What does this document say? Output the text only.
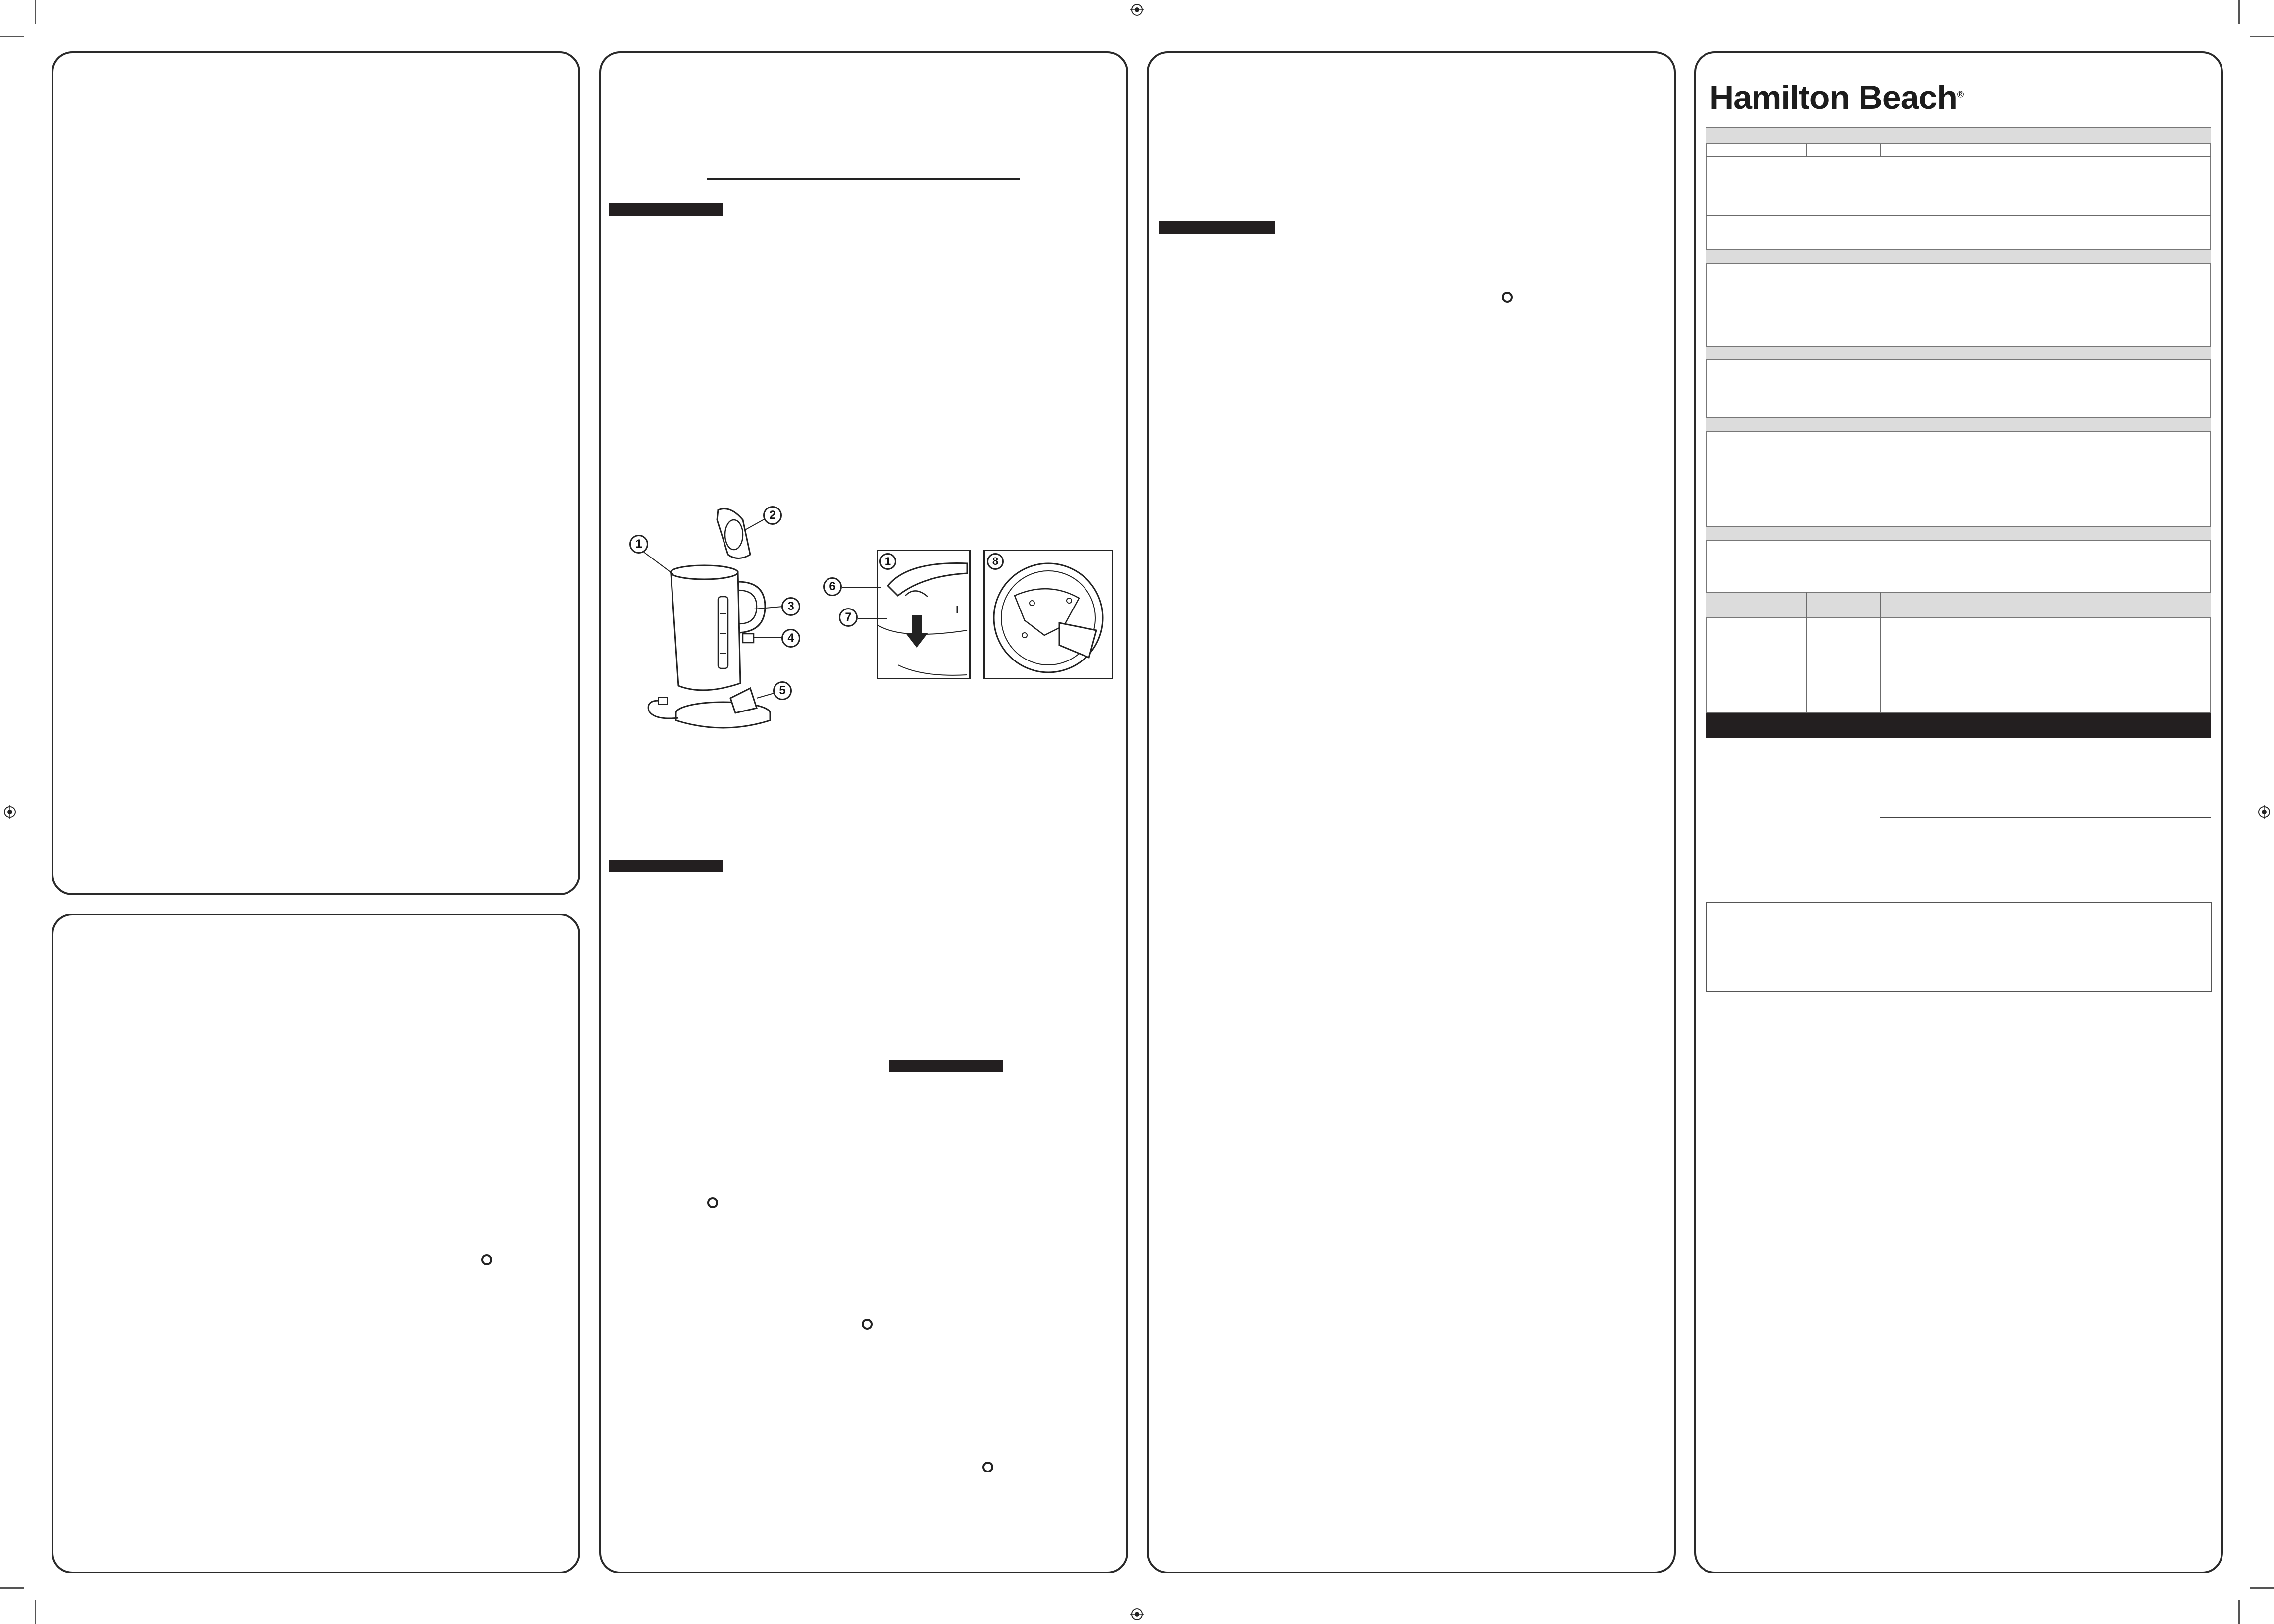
1
2
3
4
5
1
6
7
8
Hamilton Beach®
